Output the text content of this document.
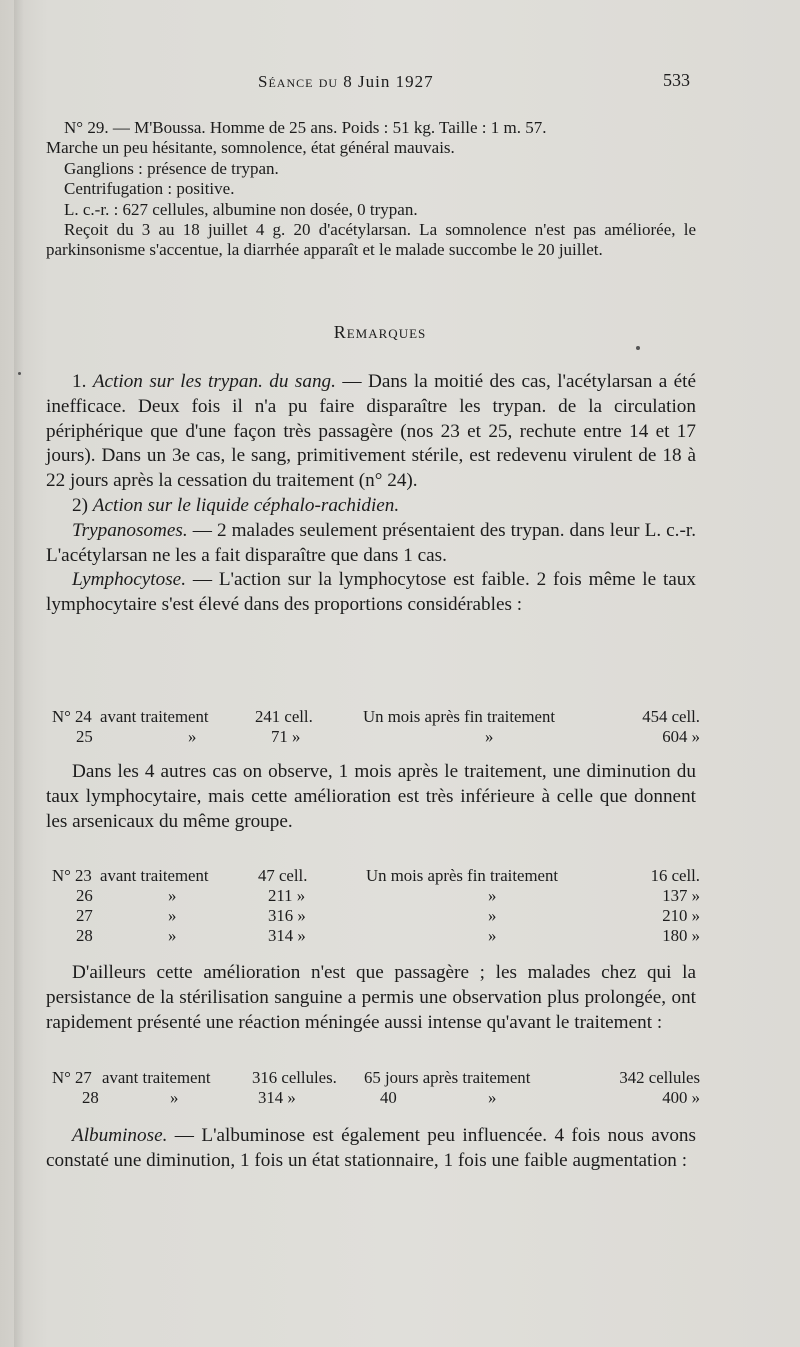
Séance du 8 Juin 1927	533

N° 29. — M'Boussa. Homme de 25 ans. Poids : 51 kg. Taille : 1 m. 57.

Marche un peu hésitante, somnolence, état général mauvais.

Ganglions : présence de trypan.

Centrifugation : positive.

L. c.-r. : 627 cellules, albumine non dosée, 0 trypan.

Reçoit du 3 au 18 juillet 4 g. 20 d'acétylarsan. La somnolence n'est pas améliorée, le parkinsonisme s'accentue, la diarrhée apparaît et le malade succombe le 20 juillet.

Remarques

1. Action sur les trypan. du sang. — Dans la moitié des cas, l'acétylarsan a été inefficace. Deux fois il n'a pu faire disparaître les trypan. de la circulation périphérique que d'une façon très passagère (nos 23 et 25, rechute entre 14 et 17 jours). Dans un 3e cas, le sang, primitivement stérile, est redevenu virulent de 18 à 22 jours après la cessation du traitement (n° 24).

2) Action sur le liquide céphalo-rachidien.

Trypanosomes. — 2 malades seulement présentaient des trypan. dans leur L. c.-r. L'acétylarsan ne les a fait disparaître que dans 1 cas.

Lymphocytose. — L'action sur la lymphocytose est faible. 2 fois même le taux lymphocytaire s'est élevé dans des proportions considérables :

N° 24	avant traitement	241 cell.	Un mois après fin traitement	454 cell.
25	»	71 »	»	604 »

Dans les 4 autres cas on observe, 1 mois après le traitement, une diminution du taux lymphocytaire, mais cette amélioration est très inférieure à celle que donnent les arsenicaux du même groupe.

N° 23	avant traitement	47 cell.	Un mois après fin traitement	16 cell.
26	»	211 »	»	137 »
27	»	316 »	»	210 »
28	»	314 »	»	180 »

D'ailleurs cette amélioration n'est que passagère ; les malades chez qui la persistance de la stérilisation sanguine a permis une observation plus prolongée, ont rapidement présenté une réaction méningée aussi intense qu'avant le traitement :

N° 27	avant traitement	316 cellules.	65 jours après traitement		342 cellules
28	»	314 »	40	»	400 »

Albuminose. — L'albuminose est également peu influencée. 4 fois nous avons constaté une diminution, 1 fois un état stationnaire, 1 fois une faible augmentation :
